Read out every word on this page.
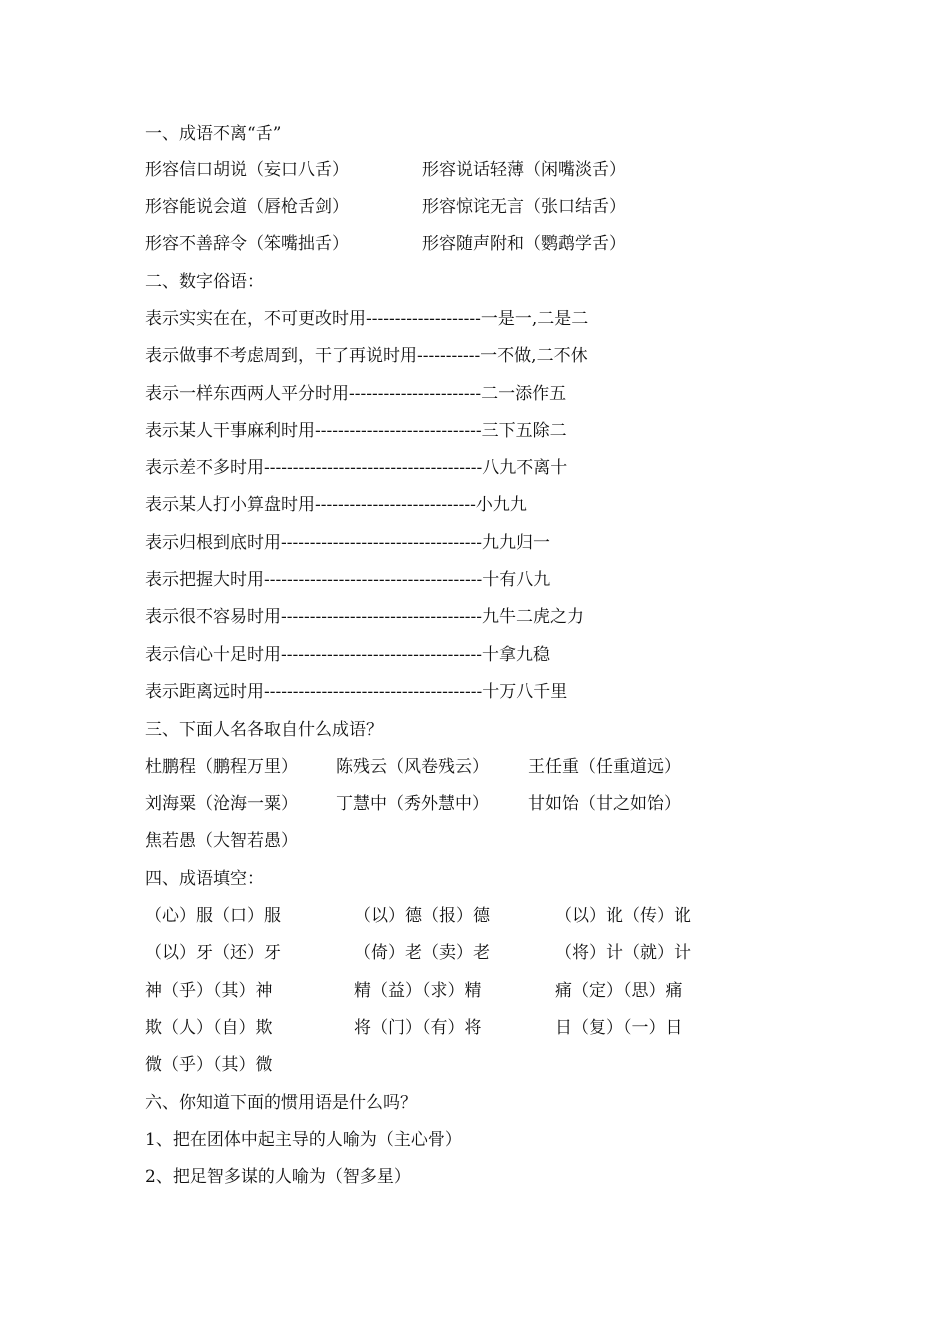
一、成语不离“舌”
形容信口胡说（妄口八舌）	形容说话轻薄（闲嘴淡舌）
形容能说会道（唇枪舌剑）	形容惊诧无言（张口结舌）
形容不善辞令（笨嘴拙舌）	形容随声附和（鹦鹉学舌）
二、数字俗语：
表示实实在在，不可更改时用--------------------一是一,二是二
表示做事不考虑周到，干了再说时用-----------一不做,二不休
表示一样东西两人平分时用-----------------------二一添作五
表示某人干事麻利时用-----------------------------三下五除二
表示差不多时用--------------------------------------八九不离十
表示某人打小算盘时用----------------------------小九九
表示归根到底时用-----------------------------------九九归一
表示把握大时用--------------------------------------十有八九
表示很不容易时用-----------------------------------九牛二虎之力
表示信心十足时用-----------------------------------十拿九稳
表示距离远时用--------------------------------------十万八千里
三、下面人名各取自什么成语？
杜鹏程（鹏程万里） 陈残云（风卷残云） 王任重（任重道远）
刘海粟（沧海一粟） 丁慧中（秀外慧中） 甘如饴（甘之如饴）
焦若愚（大智若愚）
四、成语填空：
（心）服（口）服	（以）德（报）德	（以）讹（传）讹
（以）牙（还）牙	（倚）老（卖）老	（将）计（就）计
神（乎）（其）神	精（益）（求）精	痛（定）（思）痛
欺（人）（自）欺	将（门）（有）将	日（复）（一）日
微（乎）（其）微
六、你知道下面的惯用语是什么吗？
1、把在团体中起主导的人喻为（主心骨）
2、把足智多谋的人喻为（智多星）
